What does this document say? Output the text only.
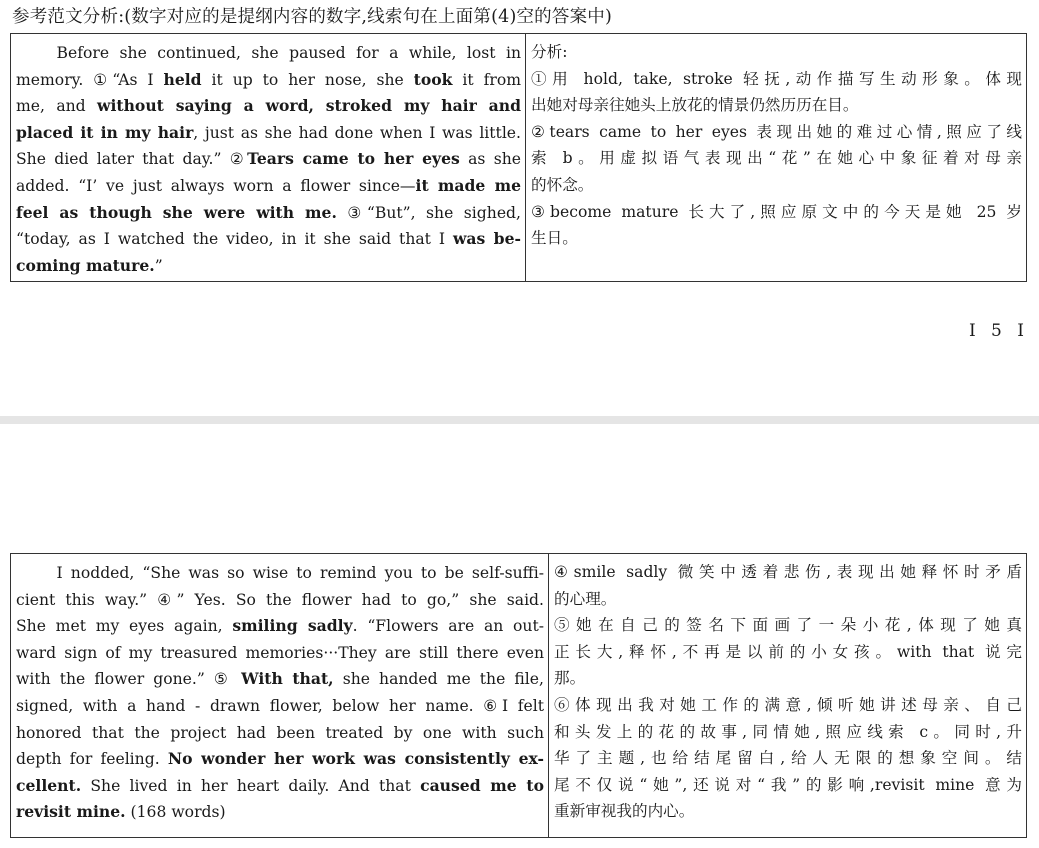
参考范文分析:(数字对应的是提纲内容的数字,线索句在上面第(4)空的答案中)
Before she continued, she paused for a while, lost in
memory. ①“As I held it up to her nose, she took it from
me, and without saying a word, stroked my hair and
placed it in my hair, just as she had done when I was little.
She died later that day.” ②Tears came to her eyes as she
added. “I’ ve just always worn a flower since—it made me
feel as though she were with me. ③“But”, she sighed,
“today, as I watched the video, in it she said that I was be-
coming mature.”

分析:
①用 hold, take, stroke 轻抚,动作描写生动形象。体现
出她对母亲往她头上放花的情景仍然历历在目。
②tears came to her eyes 表现出她的难过心情,照应了线
索 b。用虚拟语气表现出“花”在她心中象征着对母亲
的怀念。
③become mature 长大了,照应原文中的今天是她 25 岁
生日。
I 5 I
I nodded, “She was so wise to remind you to be self-suffi-
cient this way.” ④” Yes. So the flower had to go,” she said.
She met my eyes again, smiling sadly. “Flowers are an out-
ward sign of my treasured memories···They are still there even
with the flower gone.” ⑤ With that, she handed me the file,
signed, with a hand - drawn flower, below her name. ⑥I felt
honored that the project had been treated by one with such
depth for feeling. No wonder her work was consistently ex-
cellent. She lived in her heart daily. And that caused me to
revisit mine. (168 words)

④smile sadly 微笑中透着悲伤,表现出她释怀时矛盾
的心理。
⑤她在自己的签名下面画了一朵小花,体现了她真
正长大,释怀,不再是以前的小女孩。with that 说完
那。
⑥体现出我对她工作的满意,倾听她讲述母亲、自己
和头发上的花的故事,同情她,照应线索 c。同时,升
华了主题,也给结尾留白,给人无限的想象空间。结
尾不仅说“她”,还说对“我”的影响,revisit mine 意为
重新审视我的内心。
